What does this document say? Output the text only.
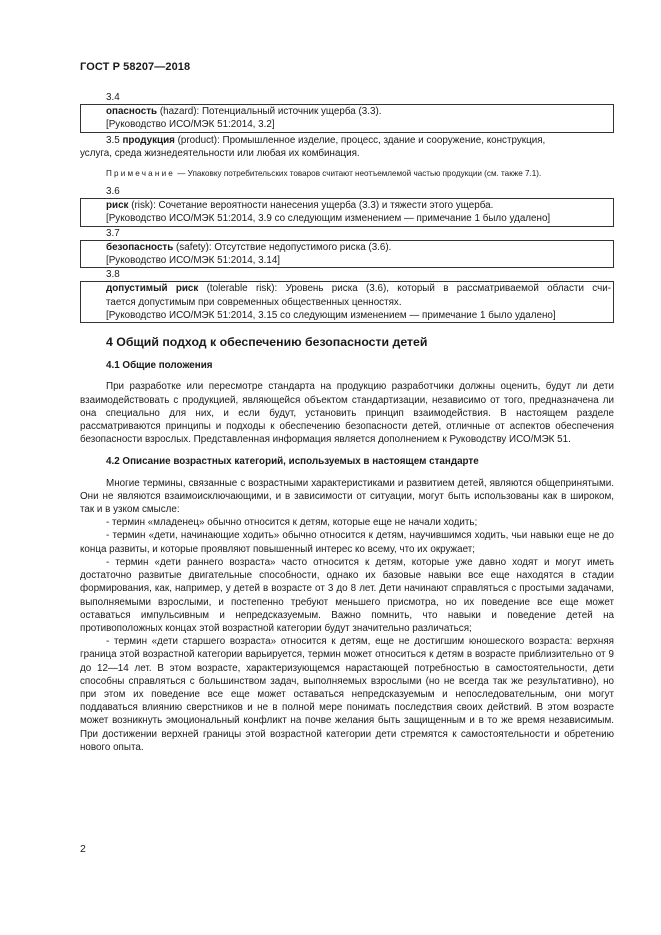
ГОСТ Р 58207—2018
3.4
опасность (hazard): Потенциальный источник ущерба (3.3).
[Руководство ИСО/МЭК 51:2014, 3.2]
3.5 продукция (product): Промышленное изделие, процесс, здание и сооружение, конструкция,
услуга, среда жизнедеятельности или любая их комбинация.
Примечание — Упаковку потребительских товаров считают неотъемлемой частью продукции (см. также 7.1).
3.6
риск (risk): Сочетание вероятности нанесения ущерба (3.3) и тяжести этого ущерба.
[Руководство ИСО/МЭК 51:2014, 3.9 со следующим изменением — примечание 1 было удалено]
3.7
безопасность (safety): Отсутствие недопустимого риска (3.6).
[Руководство ИСО/МЭК 51:2014, 3.14]
3.8
допустимый риск (tolerable risk): Уровень риска (3.6), который в рассматриваемой области счи-
тается допустимым при современных общественных ценностях.
[Руководство ИСО/МЭК 51:2014, 3.15 со следующим изменением — примечание 1 было удалено]
4 Общий подход к обеспечению безопасности детей
4.1 Общие положения
При разработке или пересмотре стандарта на продукцию разработчики должны оценить, будут ли дети взаимодействовать с продукцией, являющейся объектом стандартизации, независимо от того, предназначена ли она специально для них, и если будут, установить принцип взаимодействия. В настоящем разделе рассматриваются принципы и подходы к обеспечению безопасности детей, отличные от аспектов обеспечения безопасности взрослых. Представленная информация является дополнением к Руководству ИСО/МЭК 51.
4.2 Описание возрастных категорий, используемых в настоящем стандарте
Многие термины, связанные с возрастными характеристиками и развитием детей, являются общепринятыми. Они не являются взаимоисключающими, и в зависимости от ситуации, могут быть использованы как в широком, так и в узком смысле:
- термин «младенец» обычно относится к детям, которые еще не начали ходить;
- термин «дети, начинающие ходить» обычно относится к детям, научившимся ходить, чьи навыки еще не до конца развиты, и которые проявляют повышенный интерес ко всему, что их окружает;
- термин «дети раннего возраста» часто относится к детям, которые уже давно ходят и могут иметь достаточно развитые двигательные способности, однако их базовые навыки все еще находятся в стадии формирования, как, например, у детей в возрасте от 3 до 8 лет. Дети начинают справляться с простыми задачами, выполняемыми взрослыми, и постепенно требуют меньшего присмотра, но их поведение все еще может оставаться импульсивным и непредсказуемым. Важно помнить, что навыки и поведение детей на противоположных концах этой возрастной категории будут значительно различаться;
- термин «дети старшего возраста» относится к детям, еще не достигшим юношеского возраста: верхняя граница этой возрастной категории варьируется, термин может относиться к детям в возрасте приблизительно от 9 до 12—14 лет. В этом возрасте, характеризующемся нарастающей потребностью в самостоятельности, дети способны справляться с большинством задач, выполняемых взрослыми (но не всегда так же результативно), но при этом их поведение все еще может оставаться непредсказуемым и непоследовательным, они могут поддаваться влиянию сверстников и не в полной мере понимать последствия своих действий. В этом возрасте может возникнуть эмоциональный конфликт на почве желания быть защищенным и в то же время независимым. При достижении верхней границы этой возрастной категории дети стремятся к самостоятельности и обретению нового опыта.
2
